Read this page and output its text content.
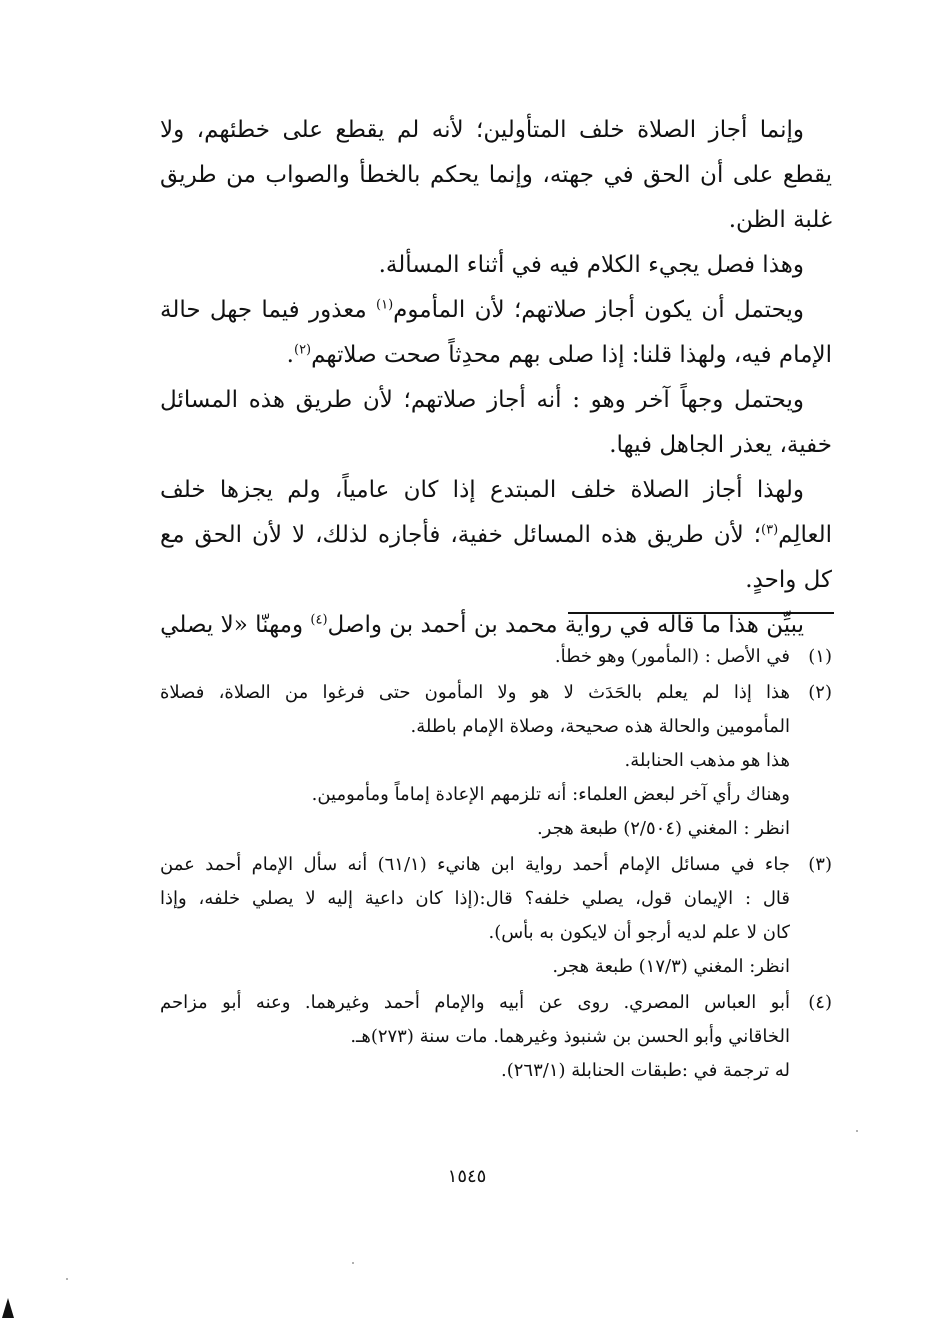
وإنما أجاز الصلاة خلف المتأولين؛ لأنه لم يقطع على خطئهم، ولا يقطع على أن الحق في جهته، وإنما يحكم بالخطأ والصواب من طريق غلبة الظن.

وهذا فصل يجيء الكلام فيه في أثناء المسألة.

ويحتمل أن يكون أجاز صلاتهم؛ لأن المأموم$^{(١)}$ معذور فيما جهل حالة الإمام فيه، ولهذا قلنا: إذا صلى بهم محدِثاً صحت صلاتهم$^{(٢)}$.

ويحتمل وجهاً آخر وهو : أنه أجاز صلاتهم؛ لأن طريق هذه المسائل خفية، يعذر الجاهل فيها.

ولهذا أجاز الصلاة خلف المبتدع إذا كان عامياً، ولم يجزها خلف العالِم$^{(٣)}$؛ لأن طريق هذه المسائل خفية، فأجازه لذلك، لا لأن الحق مع كل واحدٍ.

يبيِّن هذا ما قاله في رواية محمد بن أحمد بن واصل$^{(٤)}$ ومهنّا «لا يصلي

(١)
في الأصل : (المأمور) وهو خطأ.
(٢)
هذا إذا لم يعلم بالحَدَث لا هو ولا المأمون حتى فرغوا من الصلاة، فصلاة
المأمومين والحالة هذه صحيحة، وصلاة الإمام باطلة.
هذا هو مذهب الحنابلة.
وهناك رأي آخر لبعض العلماء: أنه تلزمهم الإعادة إماماً ومأمومين.
انظر : المغني (٢/٥٠٤) طبعة هجر.
(٣)
جاء في مسائل الإمام أحمد رواية ابن هانيء (٦١/١) أنه سأل الإمام أحمد عمن
قال : الإيمان قول، يصلي خلفه؟ قال:(إذا كان داعية إليه لا يصلي خلفه، وإذا
كان لا علم لديه أرجو أن لايكون به بأس).
انظر: المغني (١٧/٣) طبعة هجر.
(٤)
أبو العباس المصري. روى عن أبيه والإمام أحمد وغيرهما. وعنه أبو مزاحم
الخاقاني وأبو الحسن بن شنبوذ وغيرهما. مات سنة (٢٧٣)هـ.
له ترجمة في :طبقات الحنابلة (٢٦٣/١).
١٥٤٥
